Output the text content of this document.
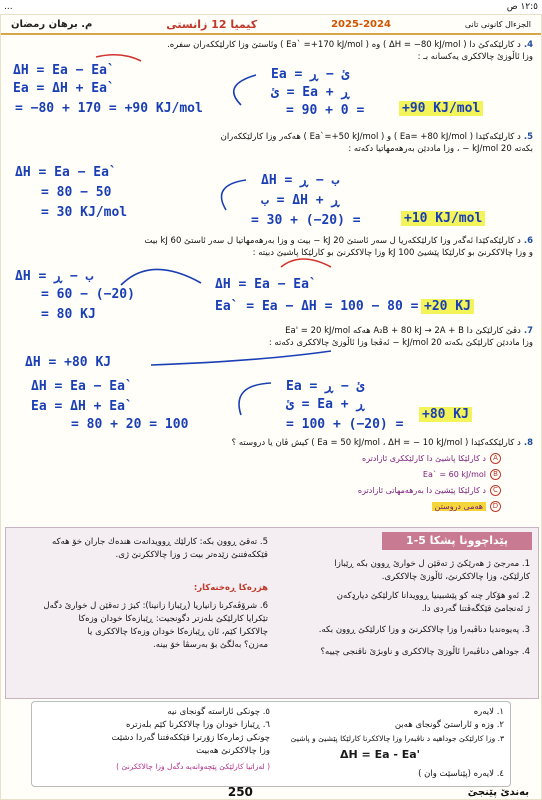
...	١٢:٥ ص
م. برهان رمضان	كيميا 12 زانستى	2025-2024	الجزءال كانونى تانى
4.د كارلێكەكێ دا ( ΔH = −80 kJ/mol ) وە ( Ea` =+170 kJ/mol ) وئاستێ وزا كارلێككەران سفرە.
وزا ئاڵوزێ چالاككرى يەكسانە بـ :
ΔH = Ea − Ea`
Ea = ΔH + Ea`
= −80 + 170 = +90 KJ/mol
Ea = ئ − ڕ
ئ = Ea + ڕ
= 90 + 0 =	+90 KJ/mol
5.د كارلێكەكێدا ( Ea= +80 kJ/mol ) و ( Ea`=+50 kJ/mol ) هەكەر وزا كارلێككەران
بكەتە 20 kJ/mol − ، وزا ماددێن بەرهەمهاتيا دكەتە :
ΔH = Ea − Ea`
= 80 − 50
= 30 KJ/mol
ΔH = ب − ڕ
ب = ΔH + ڕ
= 30 + (−20) =	+10 KJ/mol
6.د كارلێكەكێدا ئەگەر وزا كارلێككەريا ل سەر ئاستێ 20 kJ − بيت و وزا بەرهەمهاتيا ل سەر ئاستێ 60 kJ بيت
و وزا چالاككرنێ بو كارلێكا پێشیێ 100 kJ وزا چالاككرنێ بو كارلێكا پاشیێ دبيتە :
ΔH = ب − ڕ
= 60 − (−20)
= 80 KJ
ΔH = Ea − Ea`
Ea` = Ea − ΔH = 100 − 80 = +20 KJ
7.دڤێ كارلێكێ دا A₂B + 80 kJ → 2A + B هەكە Ea' = 20 kJ/mol
وزا ماددێن كارلێكێ بكەتە 20 kJ/mol − ئەڤجا وزا ئاڵوزێ چالاككرى دكەتە :
ΔH = +80 KJ
ΔH = Ea − Ea`
Ea = ΔH + Ea`
= 80 + 20 = 100
Ea = ئ − ڕ
ئ = Ea + ڕ
= 100 + (−20) =
+80 KJ
8.د كارلێككەكێدا ( Ea = 50 kJ/mol ، ΔH = − 10 kJ/mol ) كيش ڤان يا دروستە ؟
A
د كارلێكا پاشیێ دا كارلێككرى ئازادترە
B
Ea` = 60 kJ/mol
C
د كارلێكا پێشیێ دا بەرهەمهاتى ئازادترە
D
هەمى دروستن
پێداچوونا پشكا 5-1
1. مەرجێ ژ هەرێكێ ژ تەقێن ل خوارێ ڕوون بكە ڕێبازا
كارلێكێ، وزا چالاككرنێ، ئاڵوزێ چالاككرى.
2. ئەو هۆكار چنە كو پێشبينيا ڕوويدانا كارلێكێ ديارډكەن
ژ ئەنجامێ قێكگەڤتنا گەردى دا.
3. پەيوەنديا دناڤبەرا وزا چالاككرنێ و وزا كارلێكێ ڕوون بكە.
4. جوداهى دناڤبەرا ئاڵوزێ چالاككرى و ناوبژێ ناقنجى چييە؟
5. تەقێ ڕوون بكە: كارلێك ڕوويدانەت هندەك جاران خوٚ هەكە
قێككەفتنێ زێدەتر بيت ژ وزا چالاككرنێ ژى.
هزرەكا ڕەخنەكار:
6. شرۆڤەكرنا زانياريا (ڕێبازا زانينا): كيژ ژ تەقێن ل خوارێ دگەل
تێكرايا كارلێكێ بلەزتر دگونجيت: ڕێبازەكا خودان وزەكا
چالاككرا كێم، ئان ڕێبازەكا خودان وزەكا چالاككرى يا
مەزن؟ بەلگێ بوٚ بەرسڤا خوٚ بينە.
١. لايەرە
٢. وزە و ئاراستێ گونجاى هەبن
٣. وزا كارلێكێ جوداهيە د ناڤبەرا وزا چالاككرنا كارلێكا پێشيێ و پاشيێ
ΔH = Ea - Ea'
٤. لايەرە (پێناسێت وان )
٥. چونكى ئاراستە گونجاى نيە
٦. ڕێبازا خودان وزا چالاككرنا كێم بلەزترە
چونكى ژمارەكا زوٚرترا قێككەفتنا گەردا دشێت
وزا چالاككرنێ هەبيت
( لەزاتيا كارلێكێ پێچەوانەيە دگەل وزا چالاككرنێ )
250	بەندێ پێنجێ
